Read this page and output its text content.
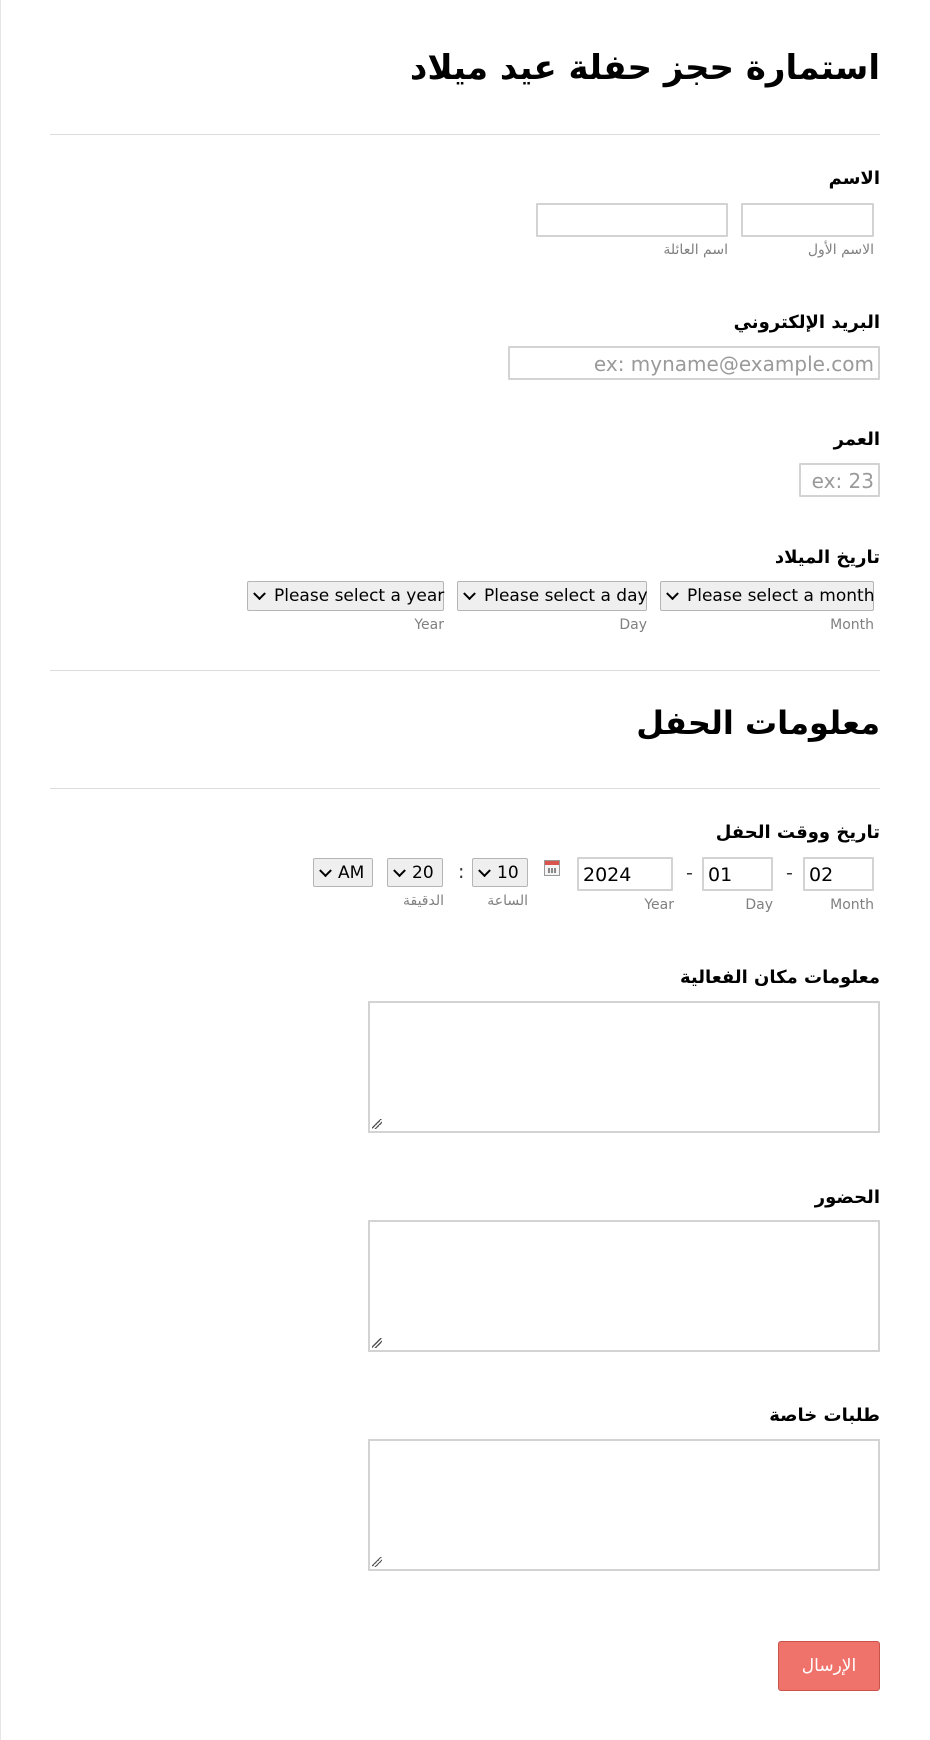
استمارة حجز حفلة عيد ميلاد
الاسم
الاسم الأول
اسم العائلة
البريد الإلكتروني
ex: myname@example.com
العمر
ex: 23
تاريخ الميلاد
Please select a month
Please select a day
Please select a year
Month
Day
Year
معلومات الحفل
تاريخ ووقت الحفل
02
-
01
-
2024
10
:
20
AM
Month
Day
Year
الساعة
الدقيقة
معلومات مكان الفعالية
الحضور
طلبات خاصة
الإرسال
